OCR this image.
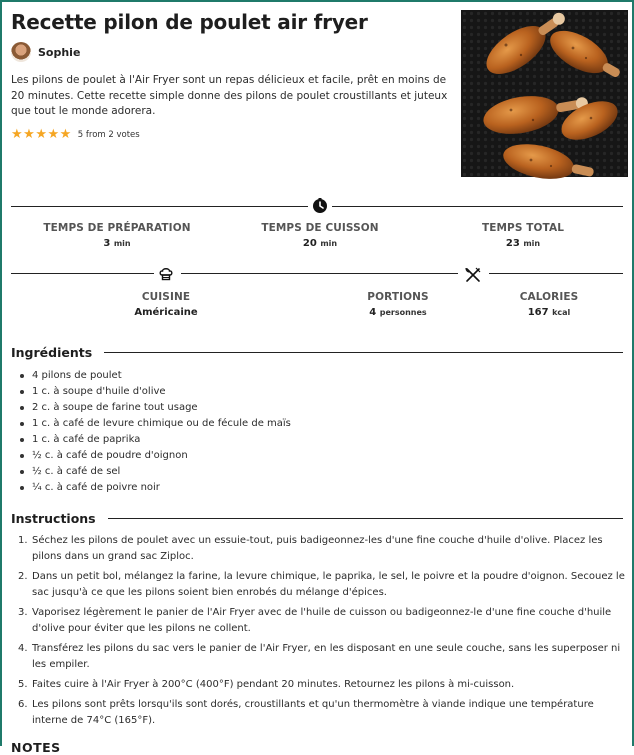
Recette pilon de poulet air fryer
Sophie

Les pilons de poulet à l'Air Fryer sont un repas délicieux et facile, prêt en moins de 20 minutes. Cette recette simple donne des pilons de poulet croustillants et juteux que tout le monde adorera.

★ ★ ★ ★ ★ 5 from 2 votes
TEMPS DE PRÉPARATION
3 min
TEMPS DE CUISSON
20 min
TEMPS TOTAL
23 min
CUISINE
Américaine
PORTIONS
4 personnes
CALORIES
167 kcal
Ingrédients
4 pilons de poulet
1 c. à soupe d'huile d'olive
2 c. à soupe de farine tout usage
1 c. à café de levure chimique ou de fécule de maïs
1 c. à café de paprika
½ c. à café de poudre d'oignon
½ c. à café de sel
¼ c. à café de poivre noir
Instructions
1. Séchez les pilons de poulet avec un essuie-tout, puis badigeonnez-les d'une fine couche d'huile d'olive. Placez les pilons dans un grand sac Ziploc.
2. Dans un petit bol, mélangez la farine, la levure chimique, le paprika, le sel, le poivre et la poudre d'oignon. Secouez le sac jusqu'à ce que les pilons soient bien enrobés du mélange d'épices.
3. Vaporisez légèrement le panier de l'Air Fryer avec de l'huile de cuisson ou badigeonnez-le d'une fine couche d'huile d'olive pour éviter que les pilons ne collent.
4. Transférez les pilons du sac vers le panier de l'Air Fryer, en les disposant en une seule couche, sans les superposer ni les empiler.
5. Faites cuire à l'Air Fryer à 200°C (400°F) pendant 20 minutes. Retournez les pilons à mi-cuisson.
6. Les pilons sont prêts lorsqu'ils sont dorés, croustillants et qu'un thermomètre à viande indique une température interne de 74°C (165°F).
NOTES
